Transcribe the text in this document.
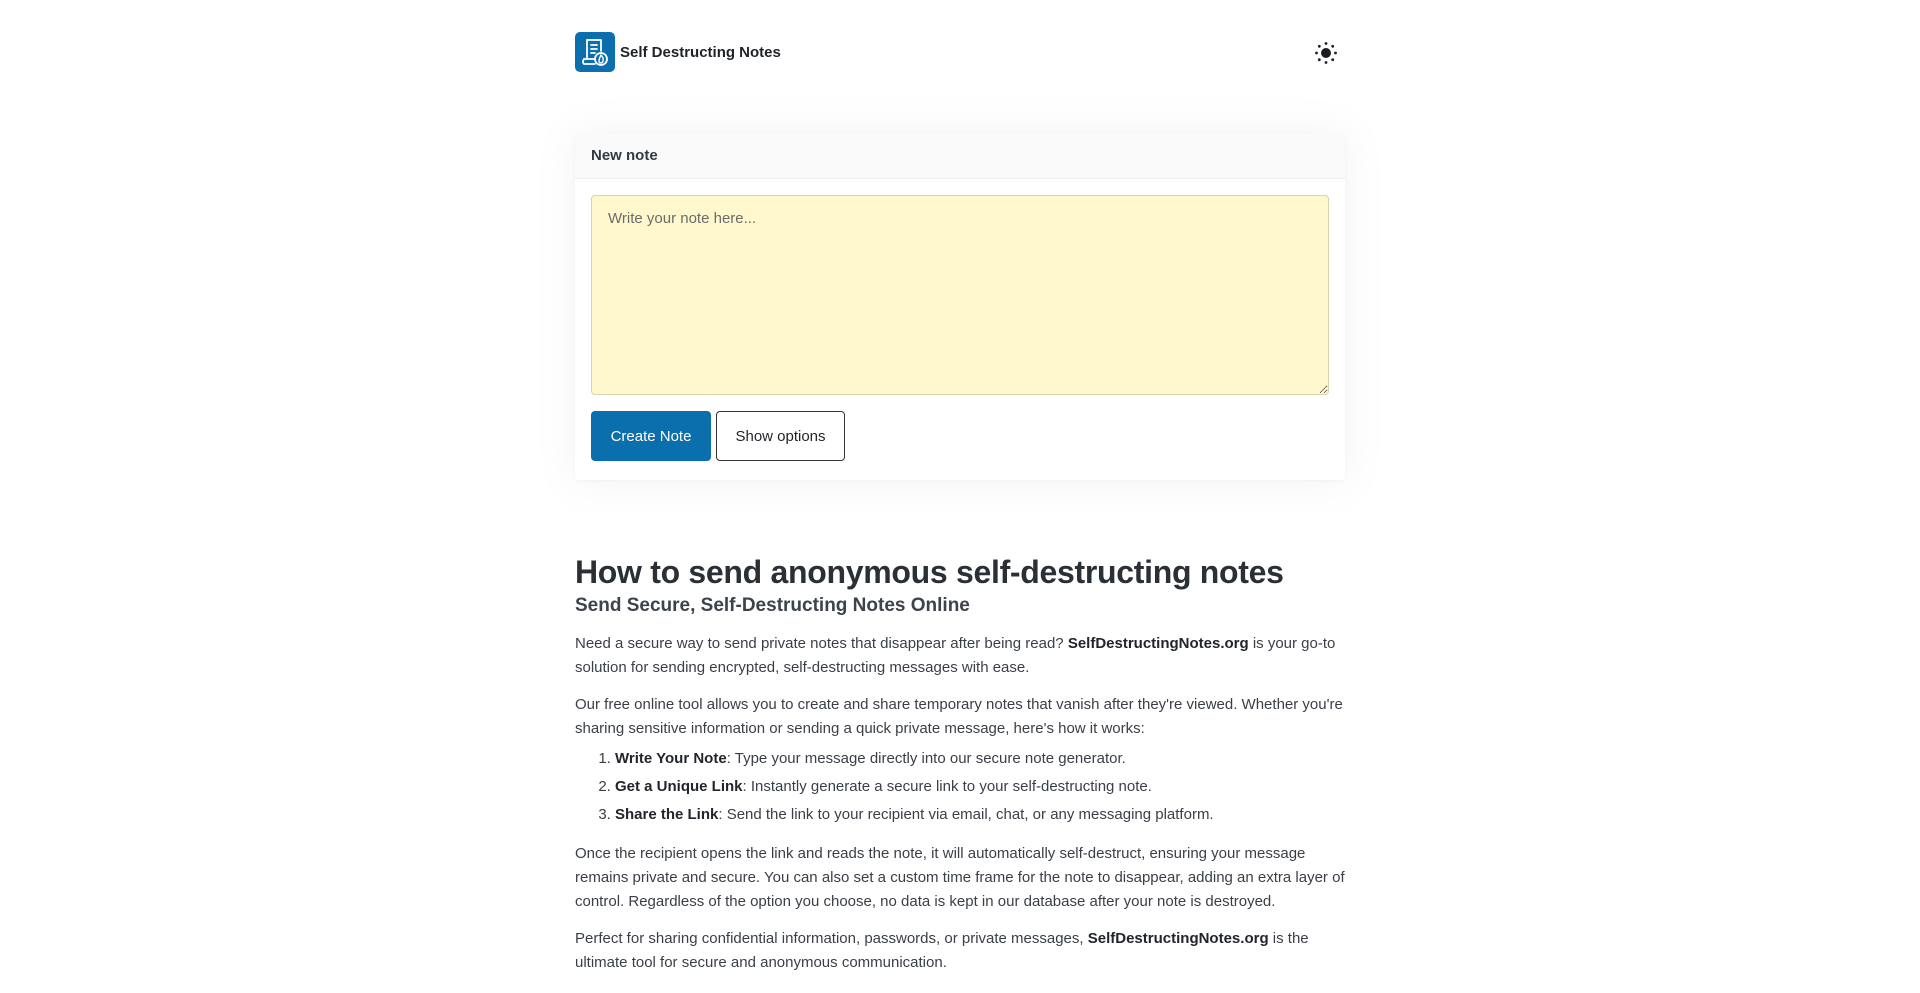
Self Destructing Notes
New note
Write your note here...
Create Note	Show options
How to send anonymous self-destructing notes
Send Secure, Self-Destructing Notes Online

Need a secure way to send private notes that disappear after being read? SelfDestructingNotes.org is your go-to solution for sending encrypted, self-destructing messages with ease.

Our free online tool allows you to create and share temporary notes that vanish after they're viewed. Whether you're sharing sensitive information or sending a quick private message, here's how it works:

1. Write Your Note: Type your message directly into our secure note generator.
2. Get a Unique Link: Instantly generate a secure link to your self-destructing note.
3. Share the Link: Send the link to your recipient via email, chat, or any messaging platform.

Once the recipient opens the link and reads the note, it will automatically self-destruct, ensuring your message remains private and secure. You can also set a custom time frame for the note to disappear, adding an extra layer of control. Regardless of the option you choose, no data is kept in our database after your note is destroyed.

Perfect for sharing confidential information, passwords, or private messages, SelfDestructingNotes.org is the ultimate tool for secure and anonymous communication.
